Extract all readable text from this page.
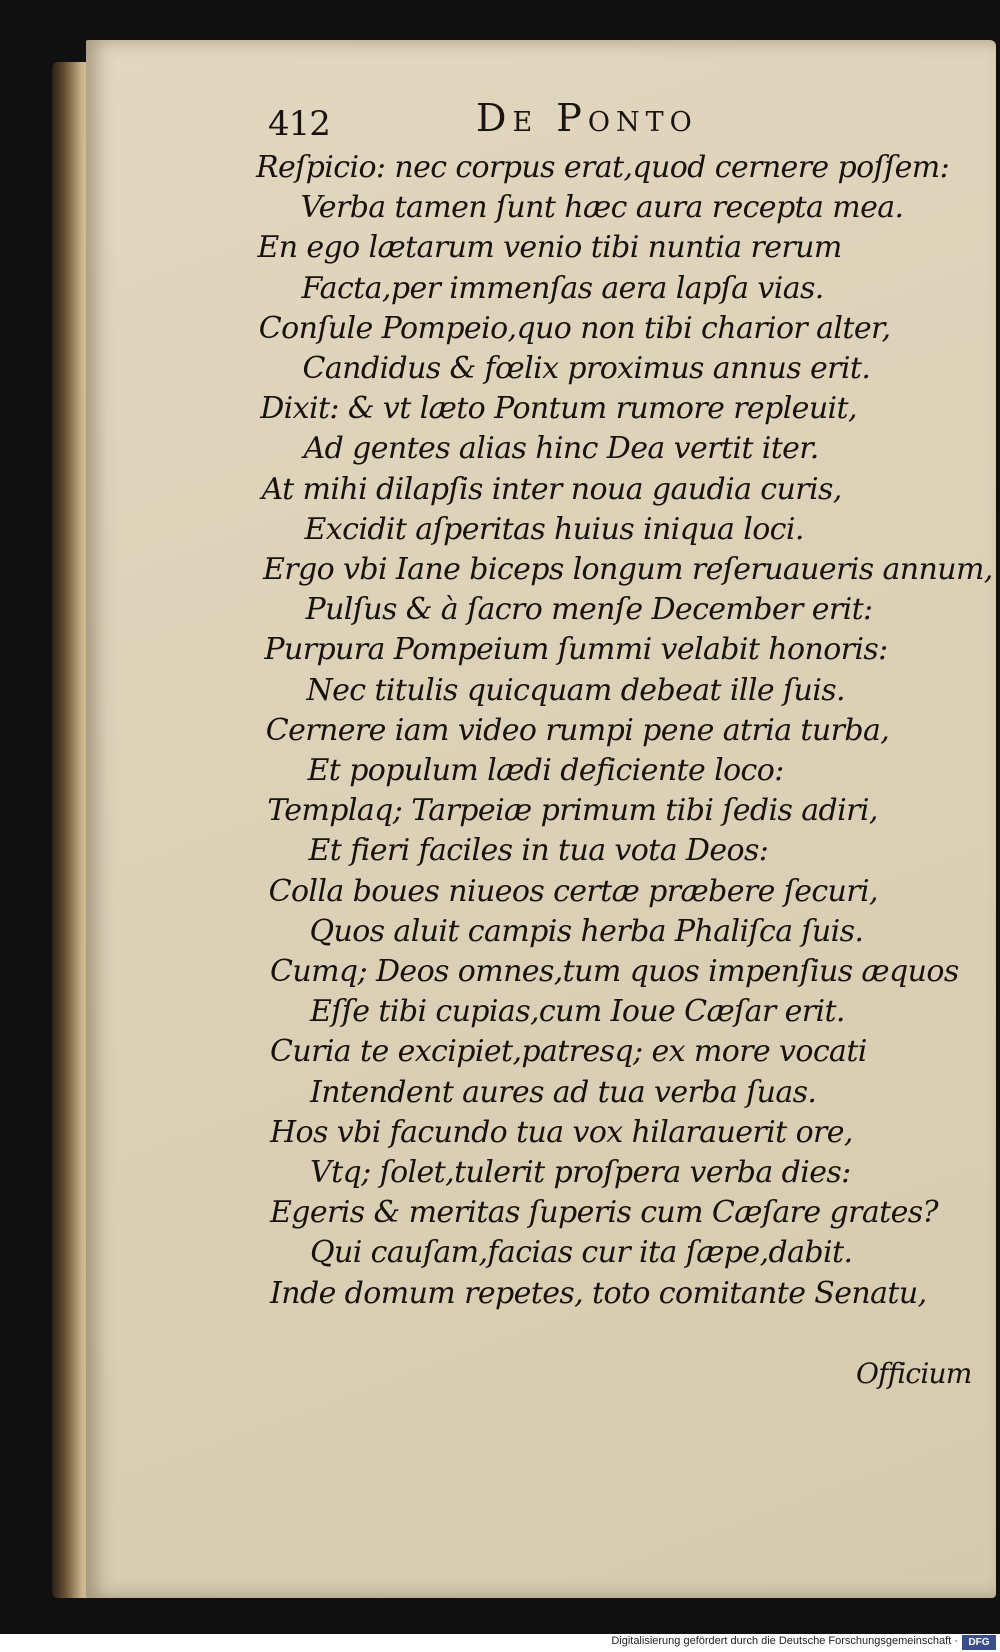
412	De Ponto
Reſpicio: nec corpus erat,quod cernere poſſem:
Verba tamen ſunt hæc aura recepta mea.
En ego lætarum venio tibi nuntia rerum
Facta,per immenſas aera lapſa vias.
Conſule Pompeio,quo non tibi charior alter,
Candidus & fœlix proximus annus erit.
Dixit: & vt læto Pontum rumore repleuit,
Ad gentes alias hinc Dea vertit iter.
At mihi dilapſis inter noua gaudia curis,
Excidit aſperitas huius iniqua loci.
Ergo vbi Iane biceps longum reſeruaueris annum,
Pulſus & à ſacro menſe December erit:
Purpura Pompeium ſummi velabit honoris:
Nec titulis quicquam debeat ille ſuis.
Cernere iam video rumpi pene atria turba,
Et populum lædi deficiente loco:
Templaq; Tarpeiæ primum tibi ſedis adiri,
Et fieri faciles in tua vota Deos:
Colla boues niueos certæ præbere ſecuri,
Quos aluit campis herba Phaliſca ſuis.
Cumq; Deos omnes,tum quos impenſius æquos
Eſſe tibi cupias,cum Ioue Cæſar erit.
Curia te excipiet,patresq; ex more vocati
Intendent aures ad tua verba ſuas.
Hos vbi facundo tua vox hilarauerit ore,
Vtq; ſolet,tulerit proſpera verba dies:
Egeris & meritas ſuperis cum Cæſare grates?
Qui cauſam,facias cur ita ſæpe,dabit.
Inde domum repetes, toto comitante Senatu,
Officium
Digitalisierung gefördert durch die Deutsche Forschungsgemeinschaft ·	DFG
